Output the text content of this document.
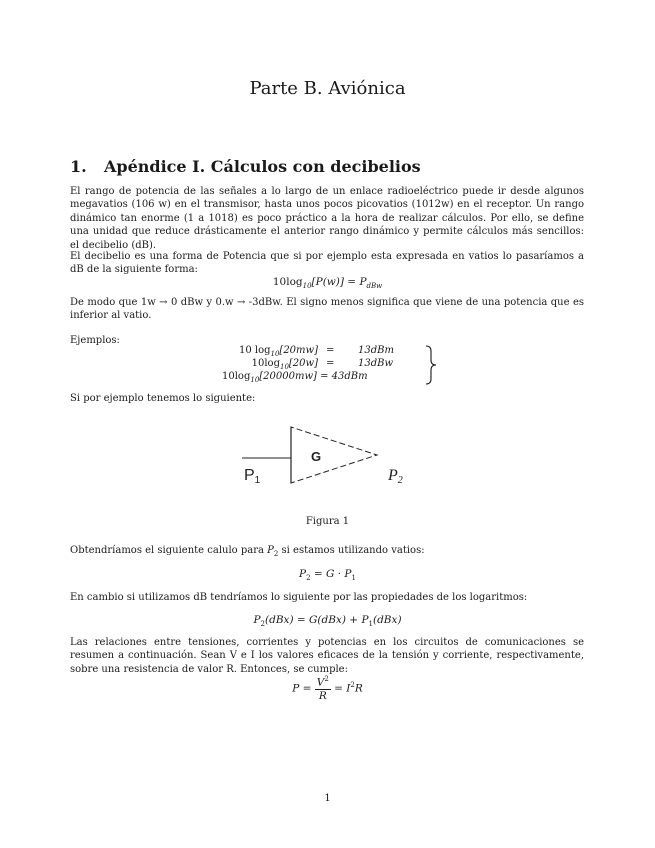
Parte B. Aviónica
1. Apéndice I. Cálculos con decibelios
El rango de potencia de las señales a lo largo de un enlace radioeléctrico puede ir desde algunos megavatios (106 w) en el transmisor, hasta unos pocos picovatios (1012w) en el receptor. Un rango dinámico tan enorme (1 a 1018) es poco práctico a la hora de realizar cálculos. Por ello, se define una unidad que reduce drásticamente el anterior rango dinámico y permite cálculos más sencillos: el decibelio (dB).
El decibelio es una forma de Potencia que si por ejemplo esta expresada en vatios lo pasaríamos a dB de la siguiente forma:
$10\log_{10}[P(w)] = P_{dBw}$
De modo que 1w → 0 dBw y 0.w → -3dBw. El signo menos significa que viene de una potencia que es inferior al vatio.
Ejemplos:
10 $\log_{10}[20mw] = 13dBm$
$10\log_{10}[20w] = 13dBw$
$10\log_{10}[20000mw] = 43dBm$
Si por ejemplo tenemos lo siguiente:
G
P1	P2
Figura 1
Obtendríamos el siguiente calulo para $P_2$ si estamos utilizando vatios:
$P_2 = G \cdot P_1$
En cambio si utilizamos dB tendríamos lo siguiente por las propiedades de los logaritmos:
$P_2(dBx) = G(dBx) + P_1(dBx)$
Las relaciones entre tensiones, corrientes y potencias en los circuitos de comunicaciones se resumen a continuación. Sean V e I los valores eficaces de la tensión y corriente, respectivamente, sobre una resistencia de valor R. Entonces, se cumple:
$P = \frac{V^2}{R} = I^2R$
1
